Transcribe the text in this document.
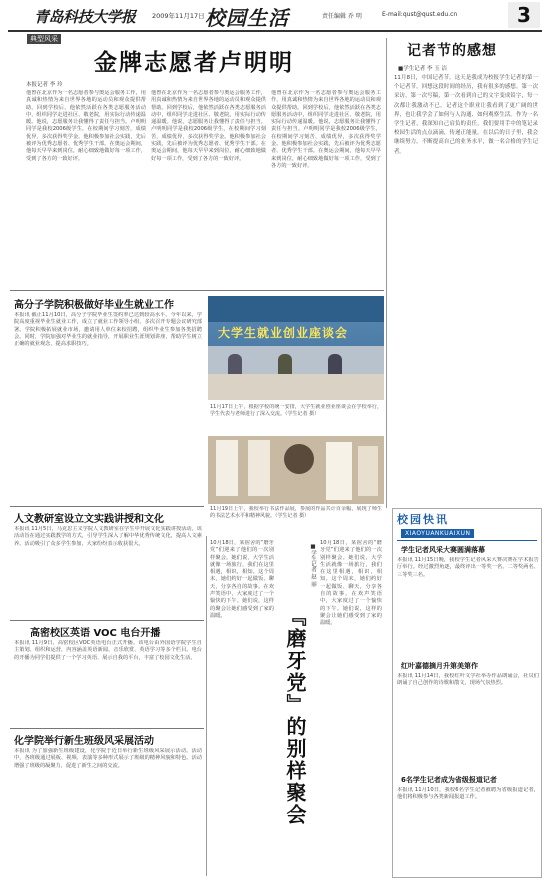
青岛科技大学报	2009年11月17日 校园生活	责任编辑 乔 明	E-mail:qust@qust.edu.cn	3
典型风采
金牌志愿者卢明明
本报记者 李 玲
他曾在北京作为一名志愿者参与奥运会服务工作，用真诚和热情为来自世界各地的运动员和观众提供帮助。回到学校后，他依然活跃在各类志愿服务活动中，组织同学走进社区、敬老院，用实际行动传递温暖。他说，志愿服务让我懂得了责任与担当。卢明明同学是我校2006级学生，在校期间学习刻苦，成绩优异，多次获得奖学金。他积极参加社会实践，先后被评为优秀志愿者、优秀学生干部。在奥运会期间，他每天早早来到岗位，耐心细致地做好每一项工作，受到了各方的一致好评。
他曾在北京作为一名志愿者参与奥运会服务工作，用真诚和热情为来自世界各地的运动员和观众提供帮助。回到学校后，他依然活跃在各类志愿服务活动中，组织同学走进社区、敬老院，用实际行动传递温暖。他说，志愿服务让我懂得了责任与担当。卢明明同学是我校2006级学生，在校期间学习刻苦，成绩优异，多次获得奖学金。他积极参加社会实践，先后被评为优秀志愿者、优秀学生干部。在奥运会期间，他每天早早来到岗位，耐心细致地做好每一项工作，受到了各方的一致好评。
他曾在北京作为一名志愿者参与奥运会服务工作，用真诚和热情为来自世界各地的运动员和观众提供帮助。回到学校后，他依然活跃在各类志愿服务活动中，组织同学走进社区、敬老院，用实际行动传递温暖。他说，志愿服务让我懂得了责任与担当。卢明明同学是我校2006级学生，在校期间学习刻苦，成绩优异，多次获得奖学金。他积极参加社会实践，先后被评为优秀志愿者、优秀学生干部。在奥运会期间，他每天早早来到岗位，耐心细致地做好每一项工作，受到了各方的一致好评。
记者节的感想
■学生记者 李 玉 洁
11月8日，中国记者节。这天是我成为校报学生记者的第一个记者节，回想这段时间的经历，我有很多的感想。第一次采访，第一次写稿，第一次看到自己的文字变成铅字，每一次都让我激动不已。记者这个职业让我看到了更广阔的世界，也让我学会了如何与人沟通、如何观察生活。作为一名学生记者，我深知自己肩负的责任，我们要用手中的笔记录校园生活的点点滴滴，传递正能量。在以后的日子里，我会继续努力，不断提高自己的业务水平，做一名合格的学生记者。
高分子学院积极做好毕业生就业工作
本报讯 截止11月10日，高分子学院毕业生签约率已达到较高水平。今年以来，学院高度重视毕业生就业工作，成立了就业工作领导小组，多次召开专题会议研究部署。学院积极拓展就业市场，邀请用人单位来校招聘，组织毕业生参加各类招聘会。同时，学院加强对毕业生的就业指导，开展职业生涯规划讲座，帮助学生树立正确的就业观念，提高求职技巧。
大学生就业创业座谈会
11月17日上午，根据学校的统一安排，大学生就业创业座谈会在学校举行，学生代表与老师进行了深入交流。（学生记者 摄）
11月19日上午，我校举行书法作品展，参展的作品共计百余幅，展现了师生的书法艺术水平和精神风貌。（学生记者 摄）
人文教研室设立文实践讲授和文化
本报讯 11月5日，马克思主义学院人文教研室在学生中开展文化实践讲授活动。该活动旨在通过实践教学的方式，引导学生深入了解中华优秀传统文化，提高人文素养。活动吸引了众多学生参加，大家纷纷表示收获很大。
高密校区英语 VOC 电台开播
本报讯 11月9日，高密校区VOC英语电台正式开播。该电台由外国语学院学生自主策划、组织和运营，内容涵盖英语新闻、音乐欣赏、英语学习等多个栏目。电台的开播为同学们提供了一个学习英语、展示自我的平台，丰富了校园文化生活。
化学院举行新生班级风采展活动
本报讯 为了加强新生班级建设，化学院于近日举行新生班级风采展示活动。活动中，各班级通过展板、视频、表演等多种形式展示了班级的精神风貌和特色。活动增强了班级的凝聚力，促进了新生之间的交流。
10月18日，某宿舍的“磨牙党”们迎来了他们的一次别样聚会。她们说，大学生活就像一场旅行，我们在这里相遇，相识，相知。这个周末，她们约好一起做饭、聊天，分享各自的故事。在欢声笑语中，大家度过了一个愉快的下午。她们说，这样的聚会让她们感受到了家的温暖。	『磨牙党』的别样聚会
■学生记者 赵 丽
10月18日，某宿舍的“磨牙党”们迎来了他们的一次别样聚会。她们说，大学生活就像一场旅行，我们在这里相遇，相识，相知。这个周末，她们约好一起做饭、聊天，分享各自的故事。在欢声笑语中，大家度过了一个愉快的下午。她们说，这样的聚会让她们感受到了家的温暖。
校园快讯
XIAOYUANKUAIXUN
学生记者风采大赛圆满落幕
本报讯 11月15日晚，我校学生记者风采大赛决赛在学术报告厅举行。经过激烈角逐，最终评出一等奖一名、二等奖两名、三等奖三名。
红叶嘉德摘月升第美第作
本报讯 11月14日，我校红叶文学社举办作品朗诵会，社员们朗诵了自己创作的诗歌和散文，现场气氛热烈。
6名学生记者成为省级报道记者
本报讯 11月10日，我校6名学生记者被聘为省级报道记者，他们将积极参与各类新闻报道工作。
